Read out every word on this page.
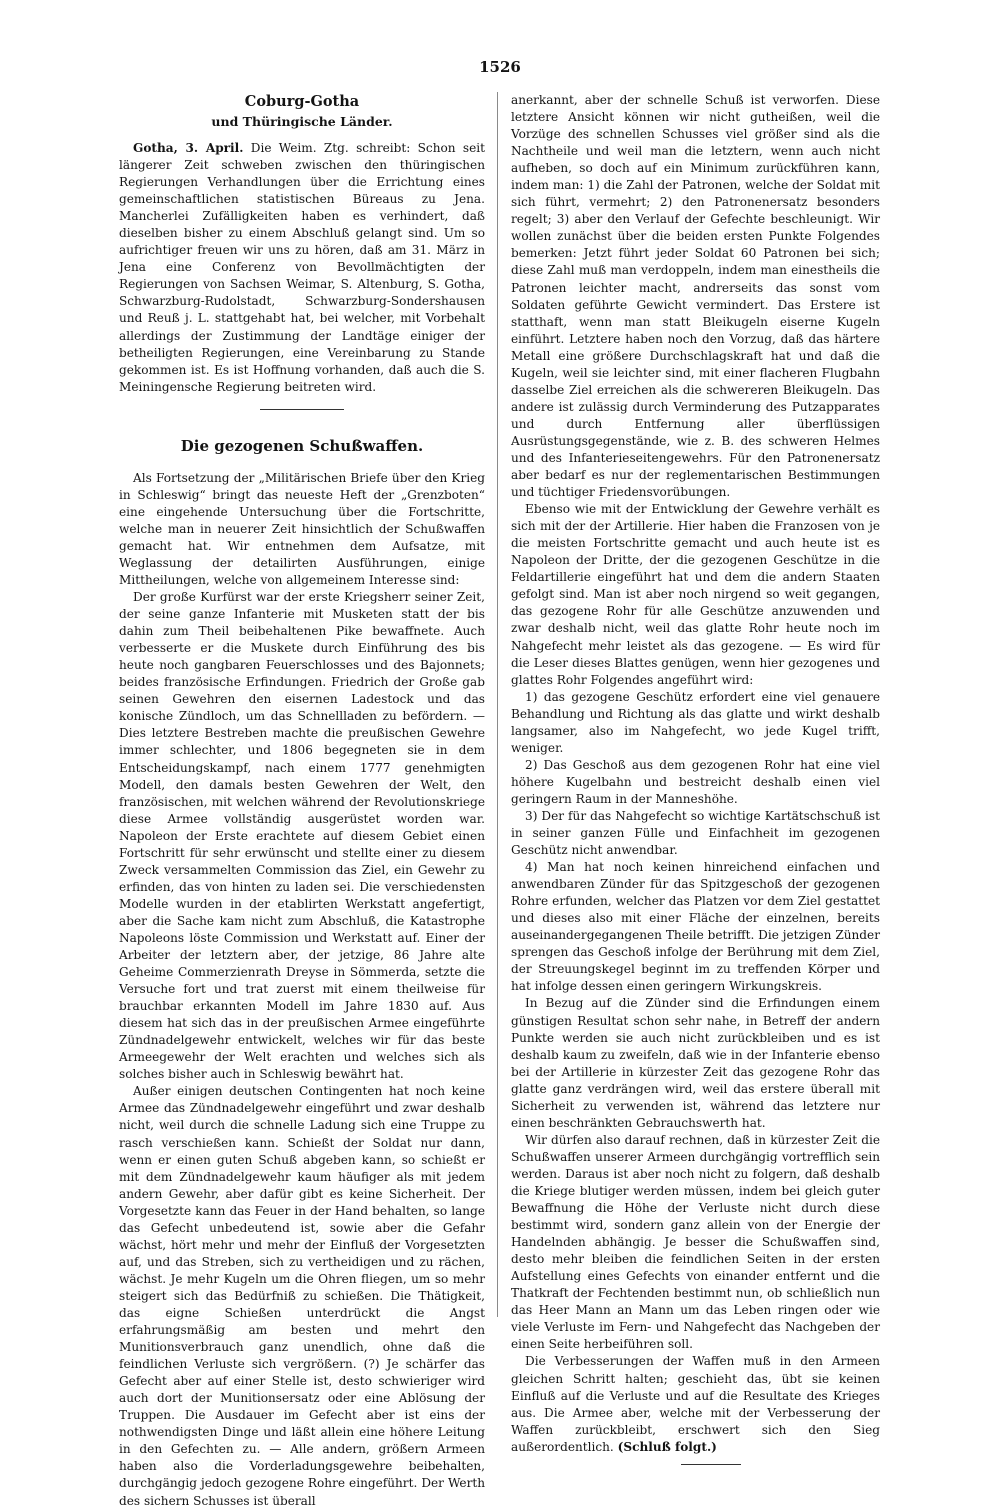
1526
Coburg-Gotha
und Thüringische Länder.

Gotha, 3. April. Die Weim. Ztg. schreibt: Schon seit längerer Zeit schweben zwischen den thüringischen Regierungen Verhandlungen über die Errichtung eines gemeinschaftlichen statistischen Büreaus zu Jena. Mancherlei Zufälligkeiten haben es verhindert, daß dieselben bisher zu einem Abschluß gelangt sind. Um so aufrichtiger freuen wir uns zu hören, daß am 31. März in Jena eine Conferenz von Bevollmächtigten der Regierungen von Sachsen Weimar, S. Altenburg, S. Gotha, Schwarzburg-Rudolstadt, Schwarzburg-Sondershausen und Reuß j. L. stattgehabt hat, bei welcher, mit Vorbehalt allerdings der Zustimmung der Landtäge einiger der betheiligten Regierungen, eine Vereinbarung zu Stande gekommen ist. Es ist Hoffnung vorhanden, daß auch die S. Meiningensche Regierung beitreten wird.

Die gezogenen Schußwaffen.

Als Fortsetzung der „Militärischen Briefe über den Krieg in Schleswig“ bringt das neueste Heft der „Grenzboten“ eine eingehende Untersuchung über die Fortschritte, welche man in neuerer Zeit hinsichtlich der Schußwaffen gemacht hat. Wir entnehmen dem Aufsatze, mit Weglassung der detailirten Ausführungen, einige Mittheilungen, welche von allgemeinem Interesse sind:

Der große Kurfürst war der erste Kriegsherr seiner Zeit, der seine ganze Infanterie mit Musketen statt der bis dahin zum Theil beibehaltenen Pike bewaffnete. Auch verbesserte er die Muskete durch Einführung des bis heute noch gangbaren Feuerschlosses und des Bajonnets; beides französische Erfindungen. Friedrich der Große gab seinen Gewehren den eisernen Ladestock und das konische Zündloch, um das Schnellladen zu befördern. — Dies letztere Bestreben machte die preußischen Gewehre immer schlechter, und 1806 begegneten sie in dem Entscheidungskampf, nach einem 1777 genehmigten Modell, den damals besten Gewehren der Welt, den französischen, mit welchen während der Revolutionskriege diese Armee vollständig ausgerüstet worden war. Napoleon der Erste erachtete auf diesem Gebiet einen Fortschritt für sehr erwünscht und stellte einer zu diesem Zweck versammelten Commission das Ziel, ein Gewehr zu erfinden, das von hinten zu laden sei. Die verschiedensten Modelle wurden in der etablirten Werkstatt angefertigt, aber die Sache kam nicht zum Abschluß, die Katastrophe Napoleons löste Commission und Werkstatt auf. Einer der Arbeiter der letztern aber, der jetzige, 86 Jahre alte Geheime Commerzienrath Dreyse in Sömmerda, setzte die Versuche fort und trat zuerst mit einem theilweise für brauchbar erkannten Modell im Jahre 1830 auf. Aus diesem hat sich das in der preußischen Armee eingeführte Zündnadelgewehr entwickelt, welches wir für das beste Armeegewehr der Welt erachten und welches sich als solches bisher auch in Schleswig bewährt hat.

Außer einigen deutschen Contingenten hat noch keine Armee das Zündnadelgewehr eingeführt und zwar deshalb nicht, weil durch die schnelle Ladung sich eine Truppe zu rasch verschießen kann. Schießt der Soldat nur dann, wenn er einen guten Schuß abgeben kann, so schießt er mit dem Zündnadelgewehr kaum häufiger als mit jedem andern Gewehr, aber dafür gibt es keine Sicherheit. Der Vorgesetzte kann das Feuer in der Hand behalten, so lange das Gefecht unbedeutend ist, sowie aber die Gefahr wächst, hört mehr und mehr der Einfluß der Vorgesetzten auf, und das Streben, sich zu vertheidigen und zu rächen, wächst. Je mehr Kugeln um die Ohren fliegen, um so mehr steigert sich das Bedürfniß zu schießen. Die Thätigkeit, das eigne Schießen unterdrückt die Angst erfahrungsmäßig am besten und mehrt den Munitionsverbrauch ganz unendlich, ohne daß die feindlichen Verluste sich vergrößern. (?) Je schärfer das Gefecht aber auf einer Stelle ist, desto schwieriger wird auch dort der Munitionsersatz oder eine Ablösung der Truppen. Die Ausdauer im Gefecht aber ist eins der nothwendigsten Dinge und läßt allein eine höhere Leitung in den Gefechten zu. — Alle andern, größern Armeen haben also die Vorderladungsgewehre beibehalten, durchgängig jedoch gezogene Rohre eingeführt. Der Werth des sichern Schusses ist überall

anerkannt, aber der schnelle Schuß ist verworfen. Diese letztere Ansicht können wir nicht gutheißen, weil die Vorzüge des schnellen Schusses viel größer sind als die Nachtheile und weil man die letztern, wenn auch nicht aufheben, so doch auf ein Minimum zurückführen kann, indem man: 1) die Zahl der Patronen, welche der Soldat mit sich führt, vermehrt; 2) den Patronenersatz besonders regelt; 3) aber den Verlauf der Gefechte beschleunigt. Wir wollen zunächst über die beiden ersten Punkte Folgendes bemerken: Jetzt führt jeder Soldat 60 Patronen bei sich; diese Zahl muß man verdoppeln, indem man einestheils die Patronen leichter macht, andrerseits das sonst vom Soldaten geführte Gewicht vermindert. Das Erstere ist statthaft, wenn man statt Bleikugeln eiserne Kugeln einführt. Letztere haben noch den Vorzug, daß das härtere Metall eine größere Durchschlagskraft hat und daß die Kugeln, weil sie leichter sind, mit einer flacheren Flugbahn dasselbe Ziel erreichen als die schwereren Bleikugeln. Das andere ist zulässig durch Verminderung des Putzapparates und durch Entfernung aller überflüssigen Ausrüstungsgegenstände, wie z. B. des schweren Helmes und des Infanterieseitengewehrs. Für den Patronenersatz aber bedarf es nur der reglementarischen Bestimmungen und tüchtiger Friedensvorübungen.

Ebenso wie mit der Entwicklung der Gewehre verhält es sich mit der der Artillerie. Hier haben die Franzosen von je die meisten Fortschritte gemacht und auch heute ist es Napoleon der Dritte, der die gezogenen Geschütze in die Feldartillerie eingeführt hat und dem die andern Staaten gefolgt sind. Man ist aber noch nirgend so weit gegangen, das gezogene Rohr für alle Geschütze anzuwenden und zwar deshalb nicht, weil das glatte Rohr heute noch im Nahgefecht mehr leistet als das gezogene. — Es wird für die Leser dieses Blattes genügen, wenn hier gezogenes und glattes Rohr Folgendes angeführt wird:

1) das gezogene Geschütz erfordert eine viel genauere Behandlung und Richtung als das glatte und wirkt deshalb langsamer, also im Nahgefecht, wo jede Kugel trifft, weniger.

2) Das Geschoß aus dem gezogenen Rohr hat eine viel höhere Kugelbahn und bestreicht deshalb einen viel geringern Raum in der Manneshöhe.

3) Der für das Nahgefecht so wichtige Kartätschschuß ist in seiner ganzen Fülle und Einfachheit im gezogenen Geschütz nicht anwendbar.

4) Man hat noch keinen hinreichend einfachen und anwendbaren Zünder für das Spitzgeschoß der gezogenen Rohre erfunden, welcher das Platzen vor dem Ziel gestattet und dieses also mit einer Fläche der einzelnen, bereits auseinandergegangenen Theile betrifft. Die jetzigen Zünder sprengen das Geschoß infolge der Berührung mit dem Ziel, der Streuungskegel beginnt im zu treffenden Körper und hat infolge dessen einen geringern Wirkungskreis.

In Bezug auf die Zünder sind die Erfindungen einem günstigen Resultat schon sehr nahe, in Betreff der andern Punkte werden sie auch nicht zurückbleiben und es ist deshalb kaum zu zweifeln, daß wie in der Infanterie ebenso bei der Artillerie in kürzester Zeit das gezogene Rohr das glatte ganz verdrängen wird, weil das erstere überall mit Sicherheit zu verwenden ist, während das letztere nur einen beschränkten Gebrauchswerth hat.

Wir dürfen also darauf rechnen, daß in kürzester Zeit die Schußwaffen unserer Armeen durchgängig vortrefflich sein werden. Daraus ist aber noch nicht zu folgern, daß deshalb die Kriege blutiger werden müssen, indem bei gleich guter Bewaffnung die Höhe der Verluste nicht durch diese bestimmt wird, sondern ganz allein von der Energie der Handelnden abhängig. Je besser die Schußwaffen sind, desto mehr bleiben die feindlichen Seiten in der ersten Aufstellung eines Gefechts von einander entfernt und die Thatkraft der Fechtenden bestimmt nun, ob schließlich nun das Heer Mann an Mann um das Leben ringen oder wie viele Verluste im Fern- und Nahgefecht das Nachgeben der einen Seite herbeiführen soll.

Die Verbesserungen der Waffen muß in den Armeen gleichen Schritt halten; geschieht das, übt sie keinen Einfluß auf die Verluste und auf die Resultate des Krieges aus. Die Armee aber, welche mit der Verbesserung der Waffen zurückbleibt, erschwert sich den Sieg außerordentlich. (Schluß folgt.)
